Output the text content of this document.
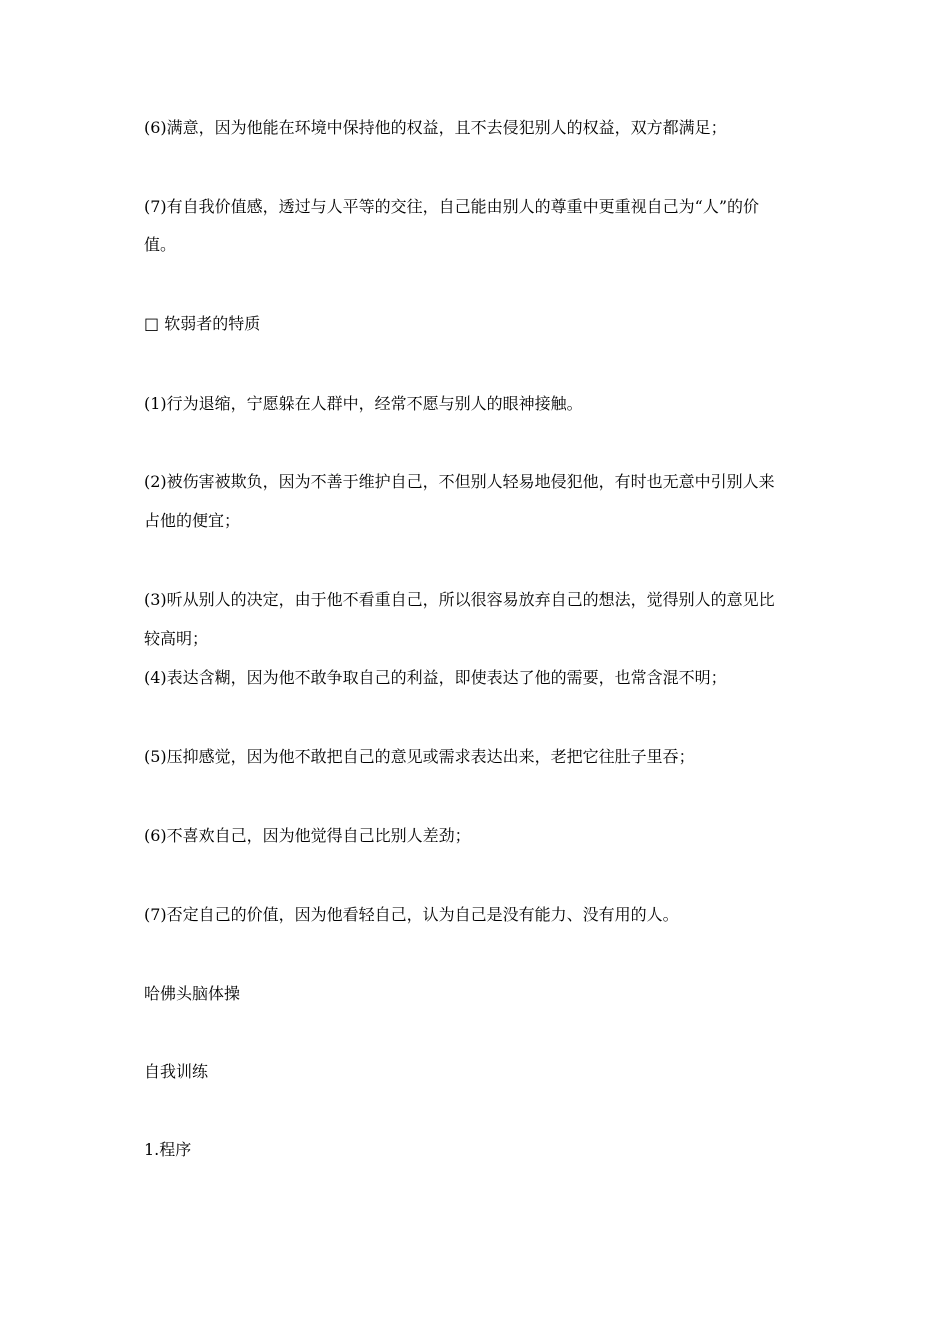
(6)满意，因为他能在环境中保持他的权益，且不去侵犯别人的权益，双方都满足；
(7)有自我价值感，透过与人平等的交往，自己能由别人的尊重中更重视自己为“人”的价
值。
□ 软弱者的特质
(1)行为退缩，宁愿躲在人群中，经常不愿与别人的眼神接触。
(2)被伤害被欺负，因为不善于维护自己，不但别人轻易地侵犯他，有时也无意中引别人来
占他的便宜；
(3)听从别人的决定，由于他不看重自己，所以很容易放弃自己的想法，觉得别人的意见比
较高明；
(4)表达含糊，因为他不敢争取自己的利益，即使表达了他的需要，也常含混不明；
(5)压抑感觉，因为他不敢把自己的意见或需求表达出来，老把它往肚子里吞；
(6)不喜欢自己，因为他觉得自己比别人差劲；
(7)否定自己的价值，因为他看轻自己，认为自己是没有能力、没有用的人。
哈佛头脑体操
自我训练
1.程序
